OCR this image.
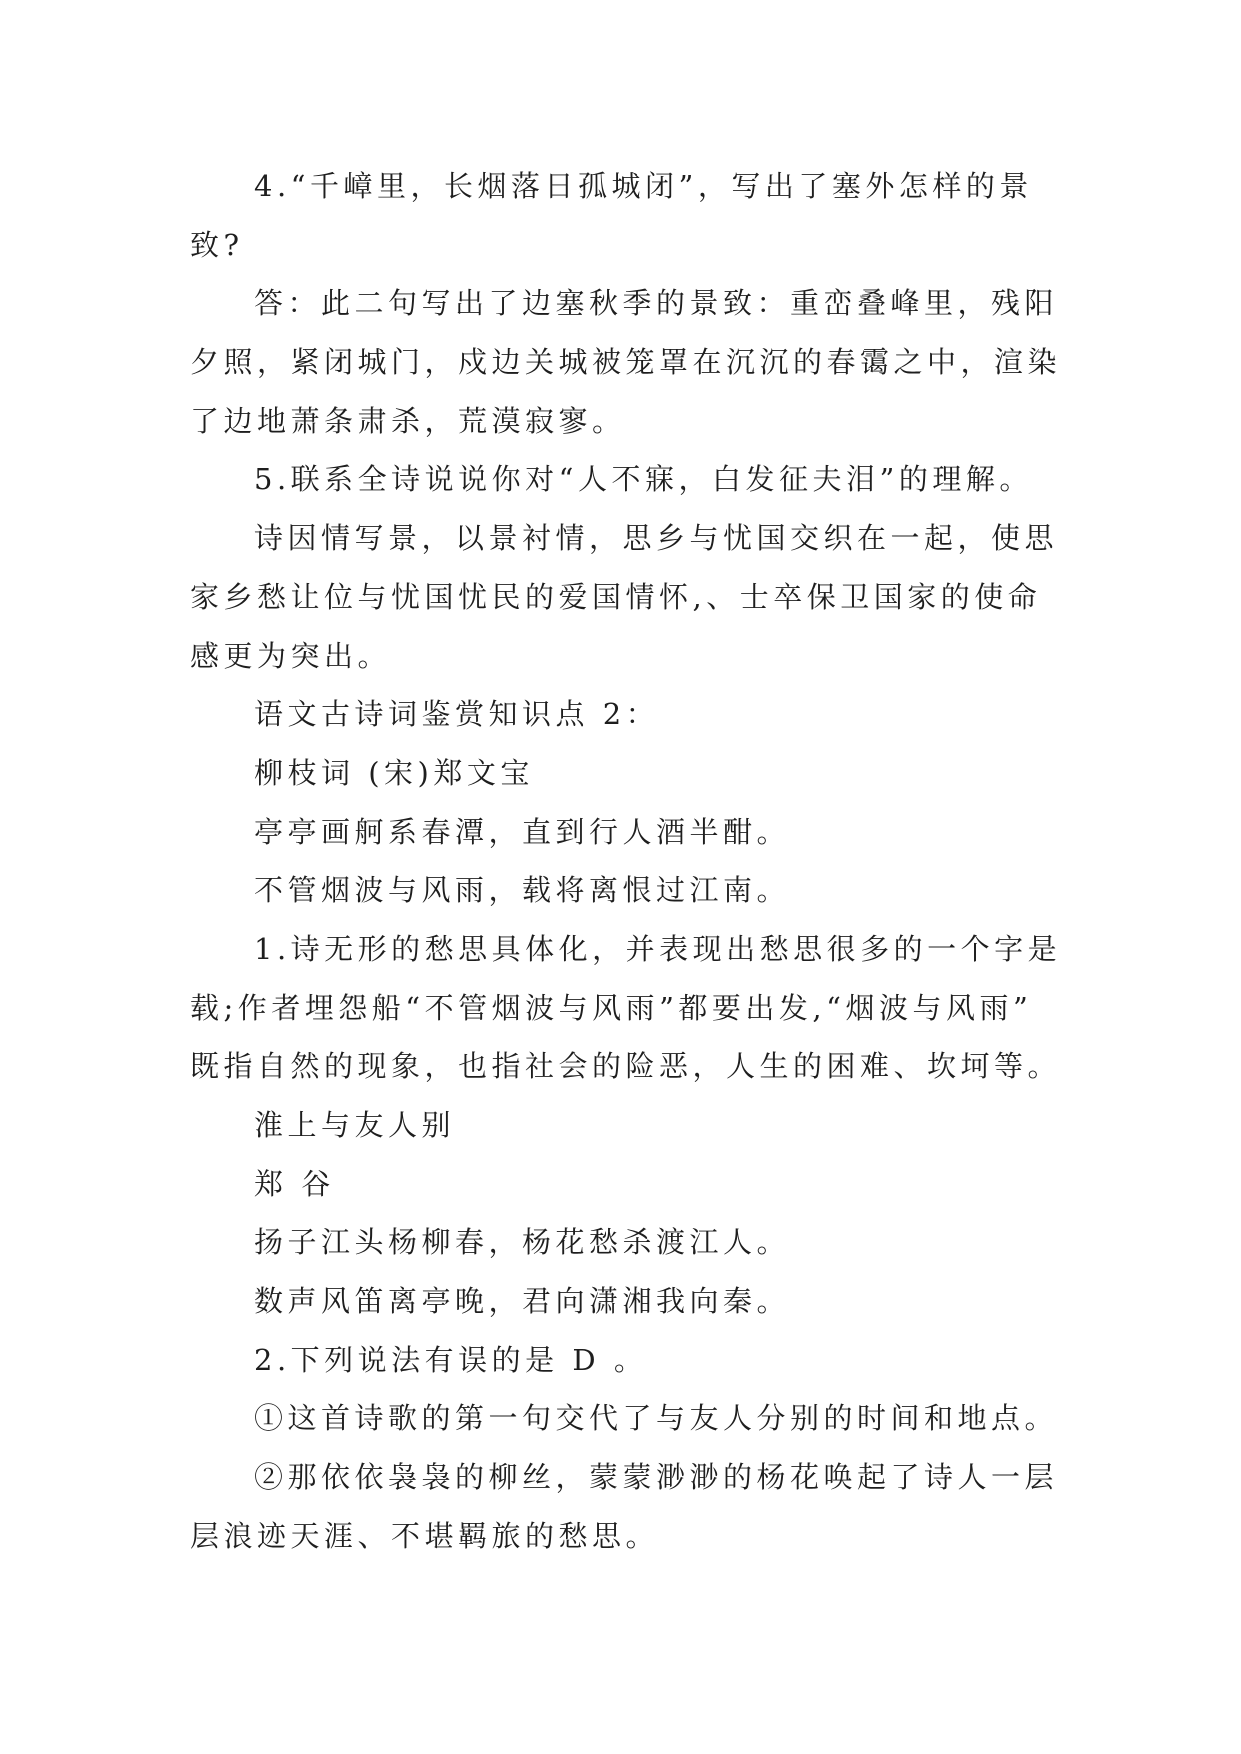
4.“千嶂里，长烟落日孤城闭”，写出了塞外怎样的景
致?
答：此二句写出了边塞秋季的景致：重峦叠峰里，残阳
夕照，紧闭城门，戍边关城被笼罩在沉沉的春霭之中，渲染
了边地萧条肃杀，荒漠寂寥。
5.联系全诗说说你对“人不寐，白发征夫泪”的理解。
诗因情写景，以景衬情，思乡与忧国交织在一起，使思
家乡愁让位与忧国忧民的爱国情怀,、士卒保卫国家的使命
感更为突出。
语文古诗词鉴赏知识点 2：
柳枝词 (宋)郑文宝
亭亭画舸系春潭，直到行人酒半酣。
不管烟波与风雨，载将离恨过江南。
1.诗无形的愁思具体化，并表现出愁思很多的一个字是
载;作者埋怨船“不管烟波与风雨”都要出发,“烟波与风雨”
既指自然的现象，也指社会的险恶，人生的困难、坎坷等。
淮上与友人别
郑 谷
扬子江头杨柳春，杨花愁杀渡江人。
数声风笛离亭晚，君向潇湘我向秦。
2.下列说法有误的是 D 。
①这首诗歌的第一句交代了与友人分别的时间和地点。
②那依依袅袅的柳丝，蒙蒙渺渺的杨花唤起了诗人一层
层浪迹天涯、不堪羁旅的愁思。
